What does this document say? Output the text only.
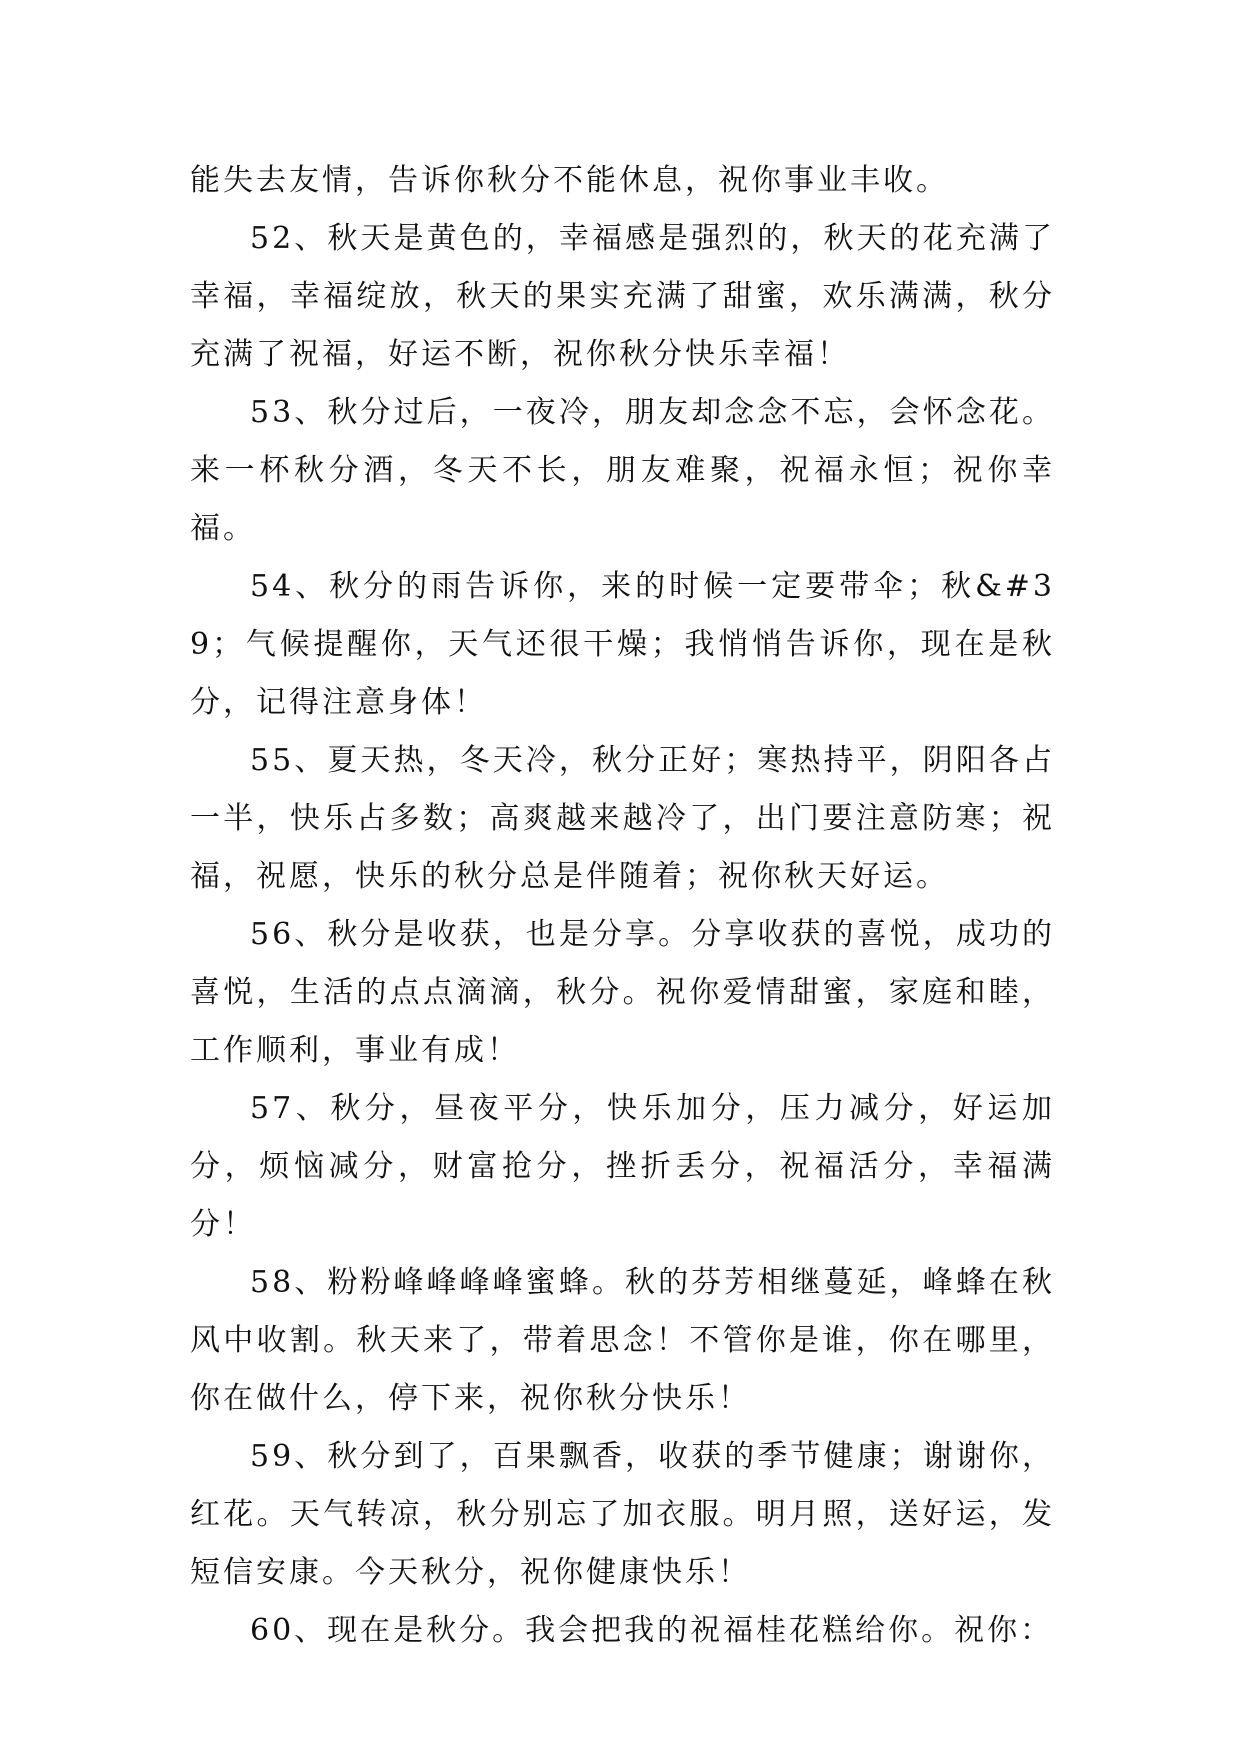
能失去友情，告诉你秋分不能休息，祝你事业丰收。

52、秋天是黄色的，幸福感是强烈的，秋天的花充满了幸福，幸福绽放，秋天的果实充满了甜蜜，欢乐满满，秋分充满了祝福，好运不断，祝你秋分快乐幸福！

53、秋分过后，一夜冷，朋友却念念不忘，会怀念花。来一杯秋分酒，冬天不长，朋友难聚，祝福永恒；祝你幸福。

54、秋分的雨告诉你，来的时候一定要带伞；秋&#39；气候提醒你，天气还很干燥；我悄悄告诉你，现在是秋分，记得注意身体！

55、夏天热，冬天冷，秋分正好；寒热持平，阴阳各占一半，快乐占多数；高爽越来越冷了，出门要注意防寒；祝福，祝愿，快乐的秋分总是伴随着；祝你秋天好运。

56、秋分是收获，也是分享。分享收获的喜悦，成功的喜悦，生活的点点滴滴，秋分。祝你爱情甜蜜，家庭和睦，工作顺利，事业有成！

57、秋分，昼夜平分，快乐加分，压力减分，好运加分，烦恼减分，财富抢分，挫折丢分，祝福活分，幸福满分！

58、粉粉峰峰峰峰蜜蜂。秋的芬芳相继蔓延，峰蜂在秋风中收割。秋天来了，带着思念！不管你是谁，你在哪里，你在做什么，停下来，祝你秋分快乐！

59、秋分到了，百果飘香，收获的季节健康；谢谢你，红花。天气转凉，秋分别忘了加衣服。明月照，送好运，发短信安康。今天秋分，祝你健康快乐！

60、现在是秋分。我会把我的祝福桂花糕给你。祝你：
